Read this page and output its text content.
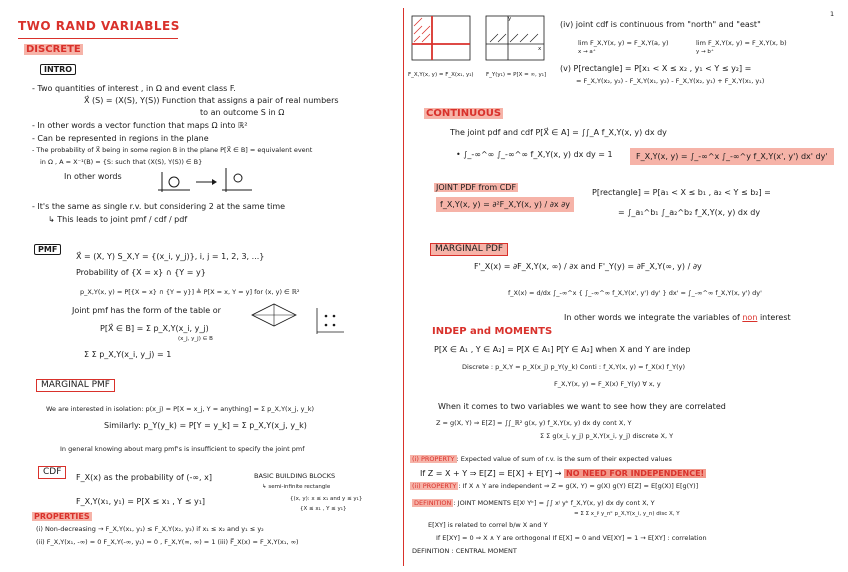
1
TWO RAND VARIABLES
DISCRETE
INTRO
- Two quantities of interest , in Ω and event class F.
X⃗ (S) = (X(S), Y(S)) Function that assigns a pair of real numbers
to an outcome S in Ω
- In other words a vector function that maps Ω into ℝ²
- Can be represented in regions in the plane
- The probability of X⃗ being in some region B in the plane P[X⃗ ∈ B] = equivalent event
in Ω , A = X⁻¹(B) = {S: such that (X(S), Y(S)) ∈ B}
In other words
- It's the same as single r.v. but considering 2 at the same time
↳ This leads to joint pmf / cdf / pdf
PMF
X⃗ = (X, Y) S_X,Y = {(x_i, y_j)}, i, j = 1, 2, 3, ...}
Probability of {X = x} ∩ {Y = y}
p_X,Y(x, y) = P[{X = x} ∩ {Y = y}] ≜ P[X = x, Y = y] for (x, y) ∈ ℝ²
Joint pmf has the form of the table or
P[X⃗ ∈ B] = Σ p_X,Y(x_i, y_j)
(x_j, y_j) ∈ B
Σ Σ p_X,Y(x_i, y_j) = 1
MARGINAL PMF
We are interested in isolation: p(x_j) = P[X = x_j, Y = anything] = Σ p_X,Y(x_j, y_k)
Similarly: p_Y(y_k) = P[Y = y_k] = Σ p_X,Y(x_j, y_k)
In general knowing about marg pmf's is insufficient to specify the joint pmf
CDF
F_X(x) as the probability of (-∞, x]
F_X,Y(x₁, y₁) = P[X ≤ x₁ , Y ≤ y₁]
BASIC BUILDING BLOCKS
↳ semi-infinite rectangle
{(x, y): x ≤ x₁ and y ≤ y₁}
{X ≤ x₁ , Y ≤ y₁}
PROPERTIES
(i) Non-decreasing → F_X,Y(x₁, y₁) ≤ F_X,Y(x₂, y₂) if x₁ ≤ x₂ and y₁ ≤ y₂
(ii) F_X,Y(x₁, -∞) = 0 F_X,Y(-∞, y₁) = 0 , F_X,Y(∞, ∞) = 1 (iii) F⃗_X(x) = F_X,Y(x₁, ∞)
y
x
F_X,Y(x, y) = F_X(x₁, y₁) F_Y(y₁) = P[X = ∞, y₁]
(iv) joint cdf is continuous from "north" and "east"
lim F_X,Y(x, y) = F_X,Y(a, y)
x → a⁺
lim F_X,Y(x, y) = F_X,Y(x, b)
y → b⁺
(v) P[rectangle] = P[x₁ < X ≤ x₂ , y₁ < Y ≤ y₂] =
= F_X,Y(x₂, y₂) - F_X,Y(x₁, y₂) - F_X,Y(x₂, y₁) + F_X,Y(x₁, y₁)
CONTINUOUS
The joint pdf and cdf P[X⃗ ∈ A] = ∫∫_A f_X,Y(x, y) dx dy
• ∫_-∞^∞ ∫_-∞^∞ f_X,Y(x, y) dx dy = 1	F_X,Y(x, y) = ∫_-∞^x ∫_-∞^y f_X,Y(x', y') dx' dy'
JOINT PDF from CDF
f_X,Y(x, y) = ∂²F_X,Y(x, y) / ∂x ∂y
P[rectangle] = P[a₁ < X ≤ b₁ , a₂ < Y ≤ b₂] =
= ∫_a₁^b₁ ∫_a₂^b₂ f_X,Y(x, y) dx dy
MARGINAL PDF
F'_X(x) = ∂F_X,Y(x, ∞) / ∂x and F'_Y(y) = ∂F_X,Y(∞, y) / ∂y
f_X(x) = d/dx ∫_-∞^x { ∫_-∞^∞ f_X,Y(x', y') dy' } dx' = ∫_-∞^∞ f_X,Y(x, y') dy'
In other words we integrate the variables of non interest
INDEP and MOMENTS
P[X ∈ A₁ , Y ∈ A₂] = P[X ∈ A₁] P[Y ∈ A₂] when X and Y are indep
Discrete : p_X,Y = p_X(x_j) p_Y(y_k) Conti : f_X,Y(x, y) = f_X(x) f_Y(y)
F_X,Y(x, y) = F_X(x) F_Y(y) ∀ x, y
When it comes to two variables we want to see how they are correlated
Z = g(X, Y) ⇒ E[Z] = ∫∫_ℝ² g(x, y) f_X,Y(x, y) dx dy cont X, Y
Σ Σ g(x_i, y_j) p_X,Y(x_i, y_j) discrete X, Y
(i) PROPERTY : Expected value of sum of r.v. is the sum of their expected values
If Z = X + Y ⇒ E[Z] = E[X] + E[Y] → NO NEED FOR INDEPENDENCE!
(ii) PROPERTY : If X ∧ Y are independent ⇒ Z = g(X, Y) = g(X) g(Y) E[Z] = E[g(X)] E[g(Y)]
DEFINITION : JOINT MOMENTS E[Xʲ Yᵏ] = ∫∫ xʲ yᵏ f_X,Y(x, y) dx dy cont X, Y
= Σ Σ x_iʲ y_nᵏ p_X,Y(x_i, y_n) disc X, Y
E[XY] is related to correl b/w X and Y
If E[XY] = 0 ⇒ X ∧ Y are orthogonal If E[X] = 0 and VE[XY] = 1 → E[XY] : correlation
DEFINITION : CENTRAL MOMENT
